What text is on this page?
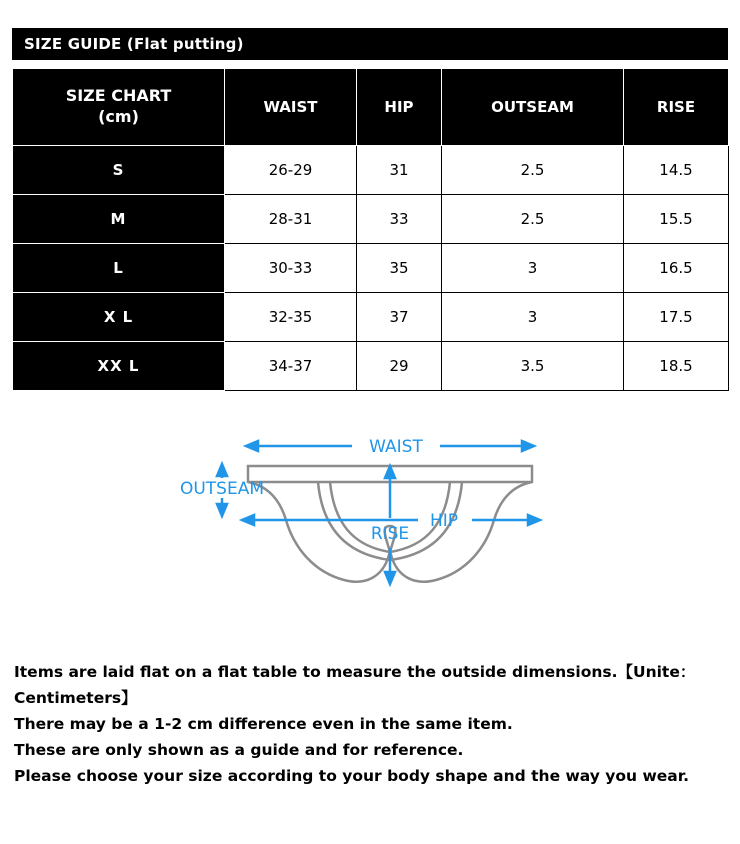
SIZE GUIDE (Flat putting)
SIZE CHART
(cm)	WAIST	HIP	OUTSEAM	RISE
S	26-29	31	2.5	14.5
M	28-31	33	2.5	15.5
L	30-33	35	3	16.5
X L	32-35	37	3	17.5
XX L	34-37	29	3.5	18.5
WAIST
OUTSEAM
HIP
RISE

Items are laid flat on a flat table to measure the outside dimensions.【Unite：

Centimeters】

There may be a 1-2 cm difference even in the same item.

These are only shown as a guide and for reference.

Please choose your size according to your body shape and the way you wear.
